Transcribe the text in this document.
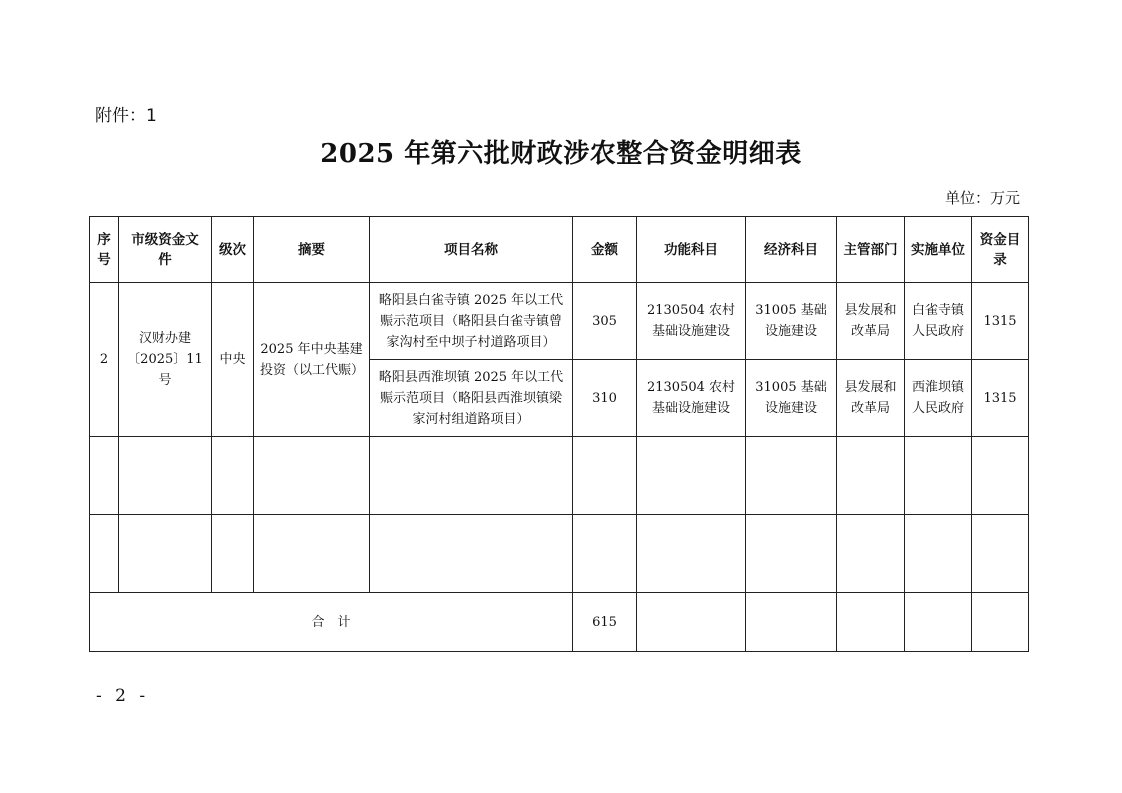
附件：1
2025 年第六批财政涉农整合资金明细表
单位：万元
序号	市级资金文件	级次	摘要	项目名称	金额	功能科目	经济科目	主管部门	实施单位	资金目录
2	汉财办建〔2025〕11 号	中央	2025 年中央基建投资（以工代赈）	略阳县白雀寺镇 2025 年以工代赈示范项目（略阳县白雀寺镇曾家沟村至中坝子村道路项目）	305	2130504 农村基础设施建设	31005 基础设施建设	县发展和改革局	白雀寺镇人民政府	1315
				略阳县西淮坝镇 2025 年以工代赈示范项目（略阳县西淮坝镇梁家河村组道路项目）	310	2130504 农村基础设施建设	31005 基础设施建设	县发展和改革局	西淮坝镇人民政府	1315

合　计					615					
- 2 -
